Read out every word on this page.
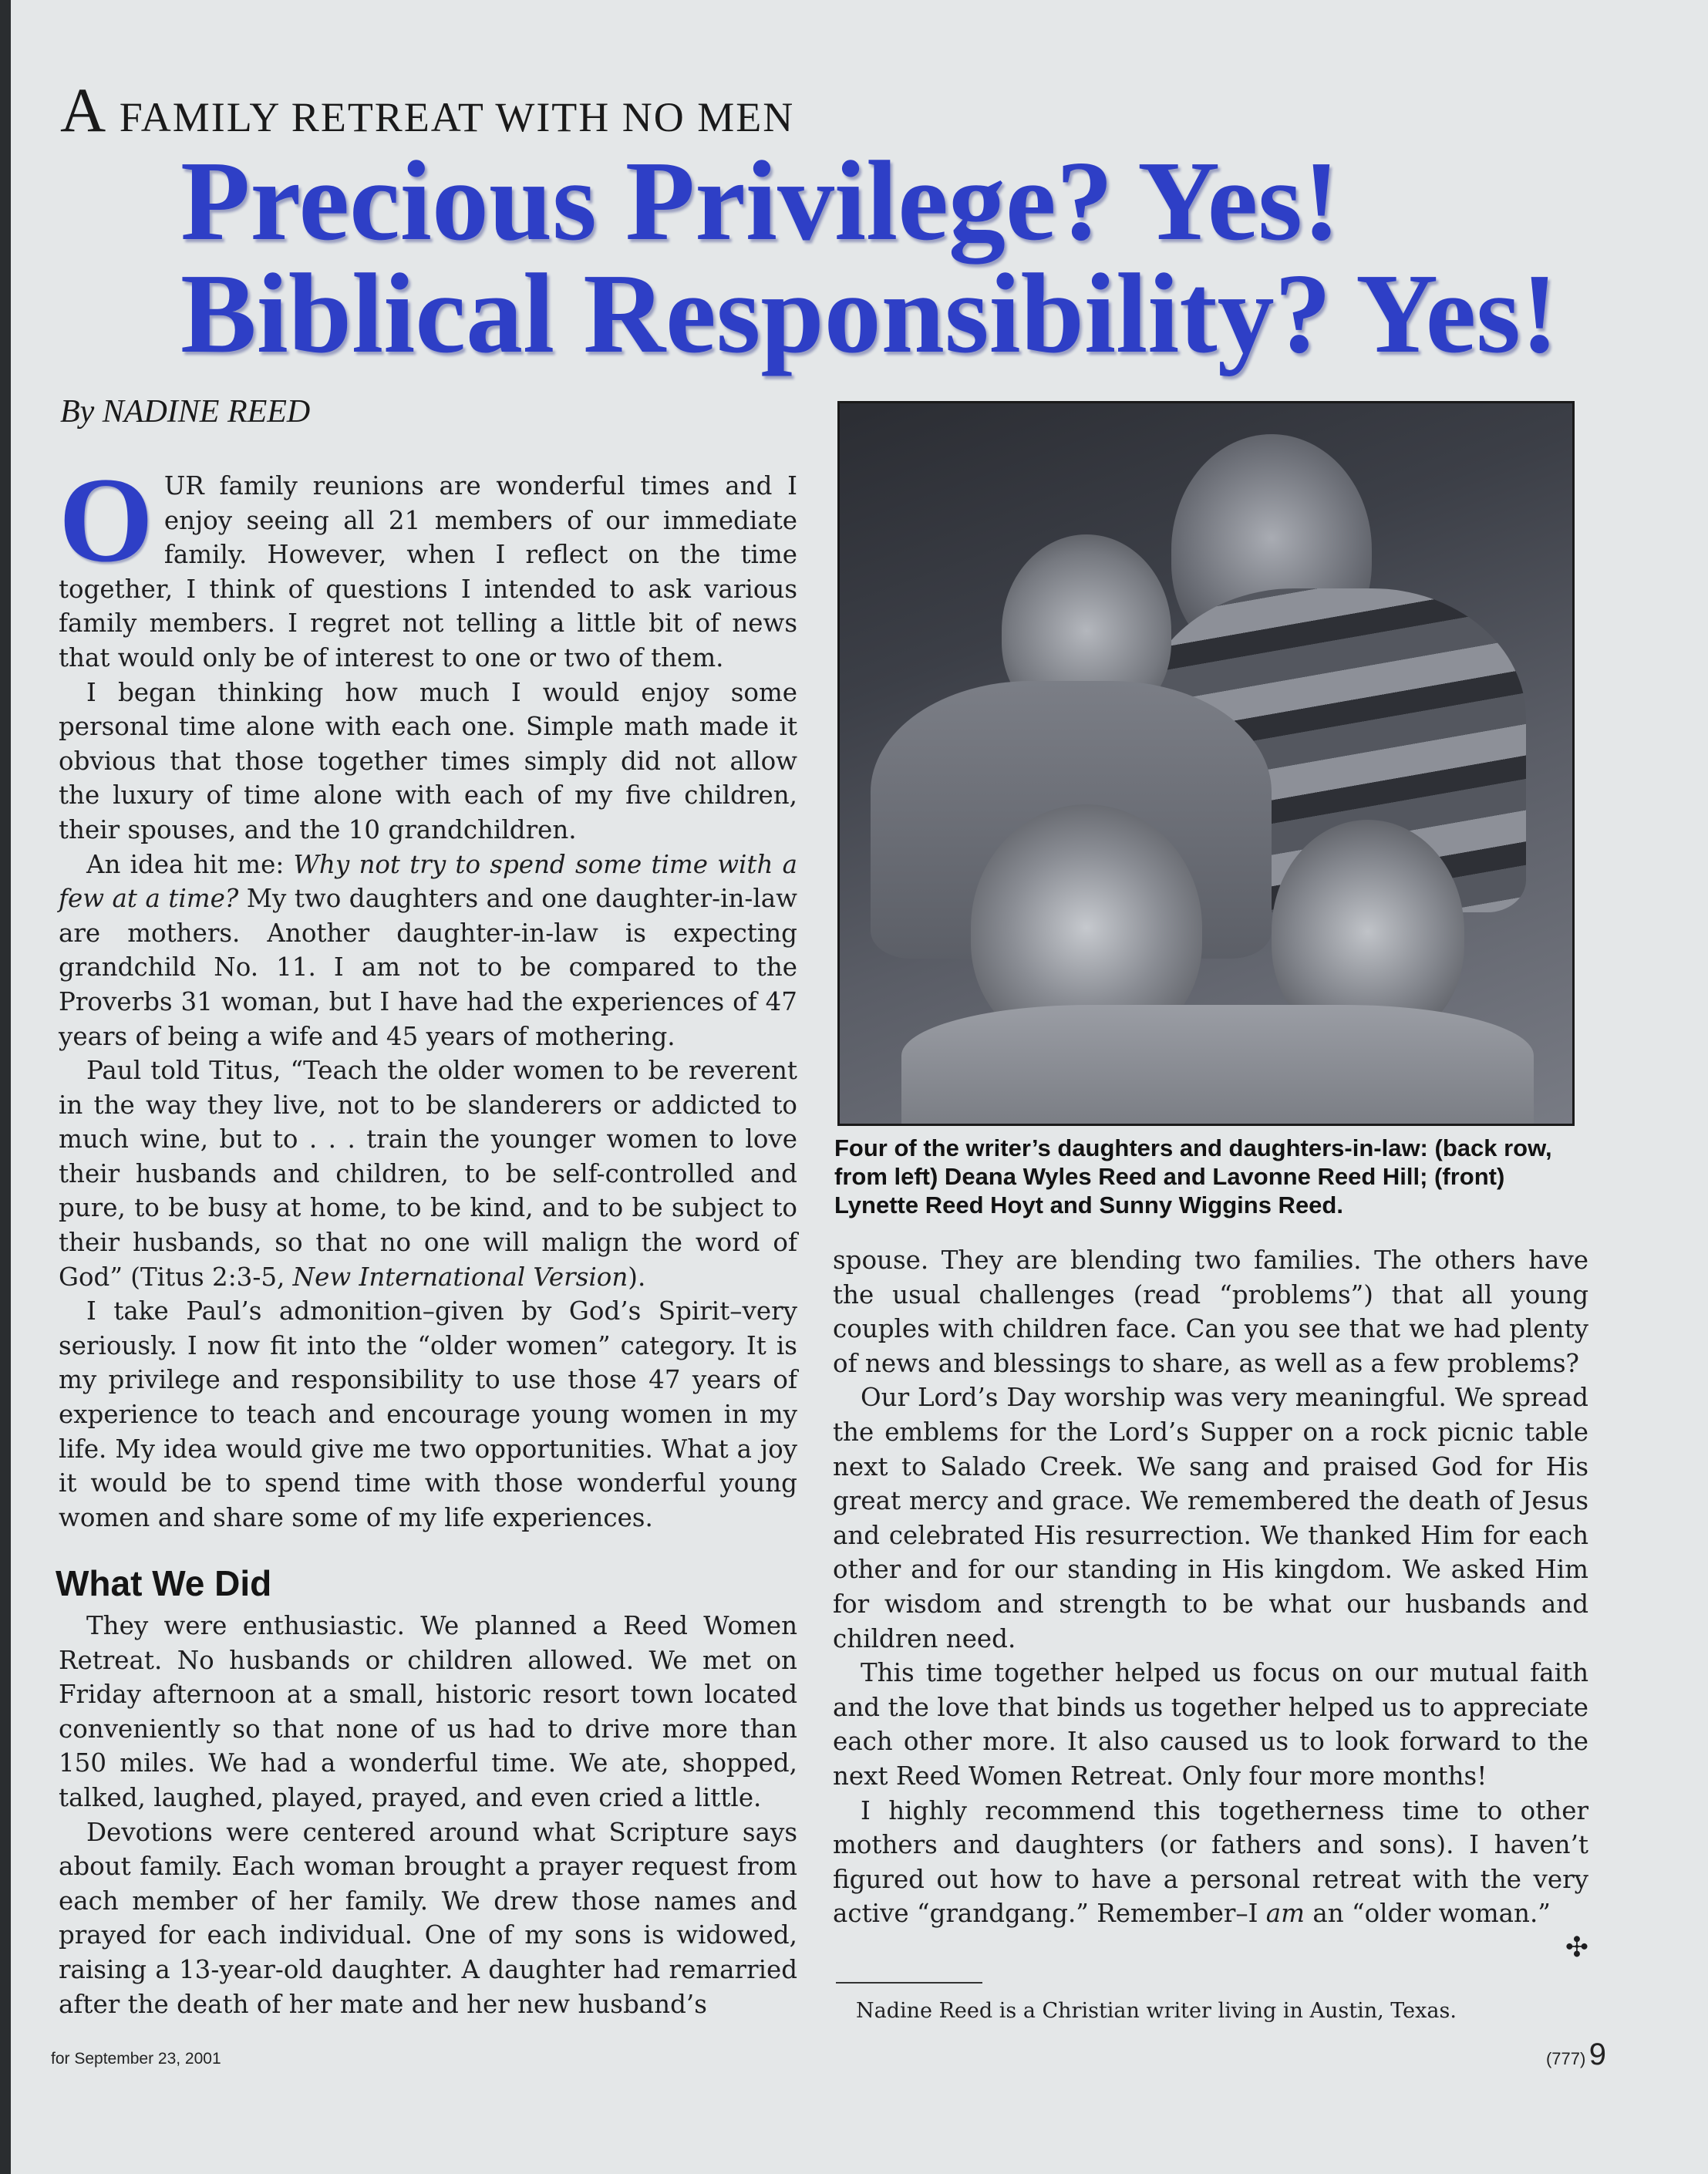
A FAMILY RETREAT WITH NO MEN
Precious Privilege? Yes!
Biblical Responsibility? Yes!
By NADINE REED

OUR family reunions are wonderful times and I enjoy seeing all 21 members of our immediate family. However, when I reflect on the time together, I think of questions I intended to ask various family members. I regret not telling a little bit of news that would only be of interest to one or two of them.

I began thinking how much I would enjoy some personal time alone with each one. Simple math made it obvious that those together times simply did not allow the luxury of time alone with each of my five children, their spouses, and the 10 grandchildren.

An idea hit me: Why not try to spend some time with a few at a time? My two daughters and one daughter-in-law are mothers. Another daughter-in-law is expecting grandchild No. 11. I am not to be compared to the Proverbs 31 woman, but I have had the experiences of 47 years of being a wife and 45 years of mothering.

Paul told Titus, “Teach the older women to be reverent in the way they live, not to be slanderers or addicted to much wine, but to . . . train the younger women to love their husbands and children, to be self-controlled and pure, to be busy at home, to be kind, and to be subject to their husbands, so that no one will malign the word of God” (Titus 2:3-5, New International Version).

I take Paul’s admonition–given by God’s Spirit–very seriously. I now fit into the “older women” category. It is my privilege and responsibility to use those 47 years of experience to teach and encourage young women in my life. My idea would give me two opportunities. What a joy it would be to spend time with those wonderful young women and share some of my life experiences.

What We Did

They were enthusiastic. We planned a Reed Women Retreat. No husbands or children allowed. We met on Friday afternoon at a small, historic resort town located conveniently so that none of us had to drive more than 150 miles. We had a wonderful time. We ate, shopped, talked, laughed, played, prayed, and even cried a little.

Devotions were centered around what Scripture says about family. Each woman brought a prayer request from each member of her family. We drew those names and prayed for each individual. One of my sons is widowed, raising a 13-year-old daughter. A daughter had remarried after the death of her mate and her new husband’s

Four of the writer’s daughters and daughters-in-law: (back row, from left) Deana Wyles Reed and Lavonne Reed Hill; (front) Lynette Reed Hoyt and Sunny Wiggins Reed.

spouse. They are blending two families. The others have the usual challenges (read “problems”) that all young couples with children face. Can you see that we had plenty of news and blessings to share, as well as a few problems?

Our Lord’s Day worship was very meaningful. We spread the emblems for the Lord’s Supper on a rock picnic table next to Salado Creek. We sang and praised God for His great mercy and grace. We remembered the death of Jesus and celebrated His resurrection. We thanked Him for each other and for our standing in His kingdom. We asked Him for wisdom and strength to be what our husbands and children need.

This time together helped us focus on our mutual faith and the love that binds us together helped us to appreciate each other more. It also caused us to look forward to the next Reed Women Retreat. Only four more months!

I highly recommend this togetherness time to other mothers and daughters (or fathers and sons). I haven’t figured out how to have a personal retreat with the very active “grandgang.” Remember–I am an “older woman.”
✣

Nadine Reed is a Christian writer living in Austin, Texas.
for September 23, 2001	(777) 9
